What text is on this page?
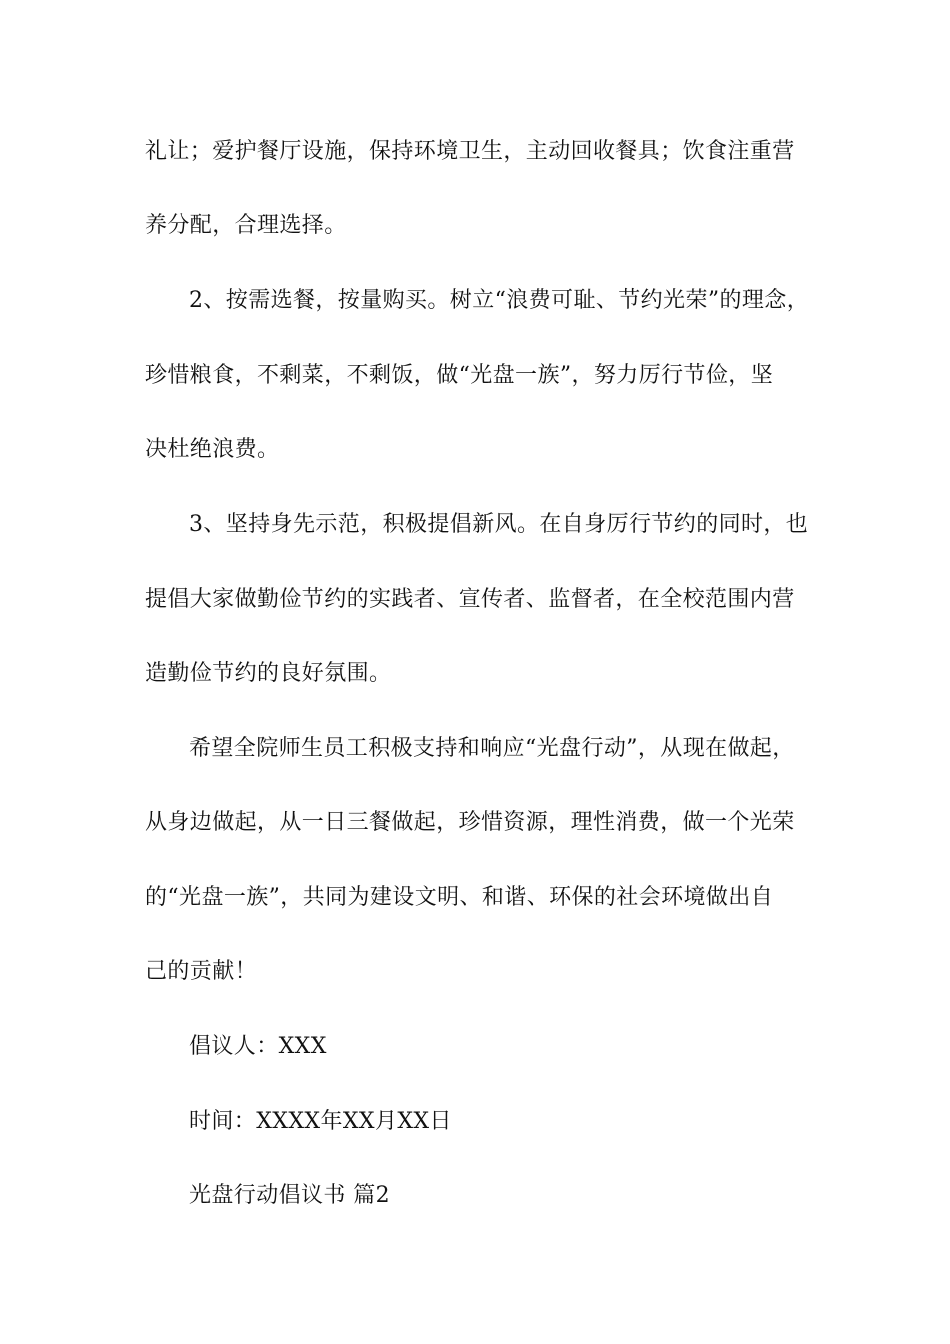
礼让；爱护餐厅设施，保持环境卫生，主动回收餐具；饮食注重营

养分配，合理选择。

2、按需选餐，按量购买。树立“浪费可耻、节约光荣”的理念，

珍惜粮食，不剩菜，不剩饭，做“光盘一族”，努力厉行节俭，坚

决杜绝浪费。

3、坚持身先示范，积极提倡新风。在自身厉行节约的同时，也

提倡大家做勤俭节约的实践者、宣传者、监督者，在全校范围内营

造勤俭节约的良好氛围。

希望全院师生员工积极支持和响应“光盘行动”，从现在做起，

从身边做起，从一日三餐做起，珍惜资源，理性消费，做一个光荣

的“光盘一族”，共同为建设文明、和谐、环保的社会环境做出自

己的贡献！

倡议人：XXX

时间：XXXX年XX月XX日

光盘行动倡议书 篇2
